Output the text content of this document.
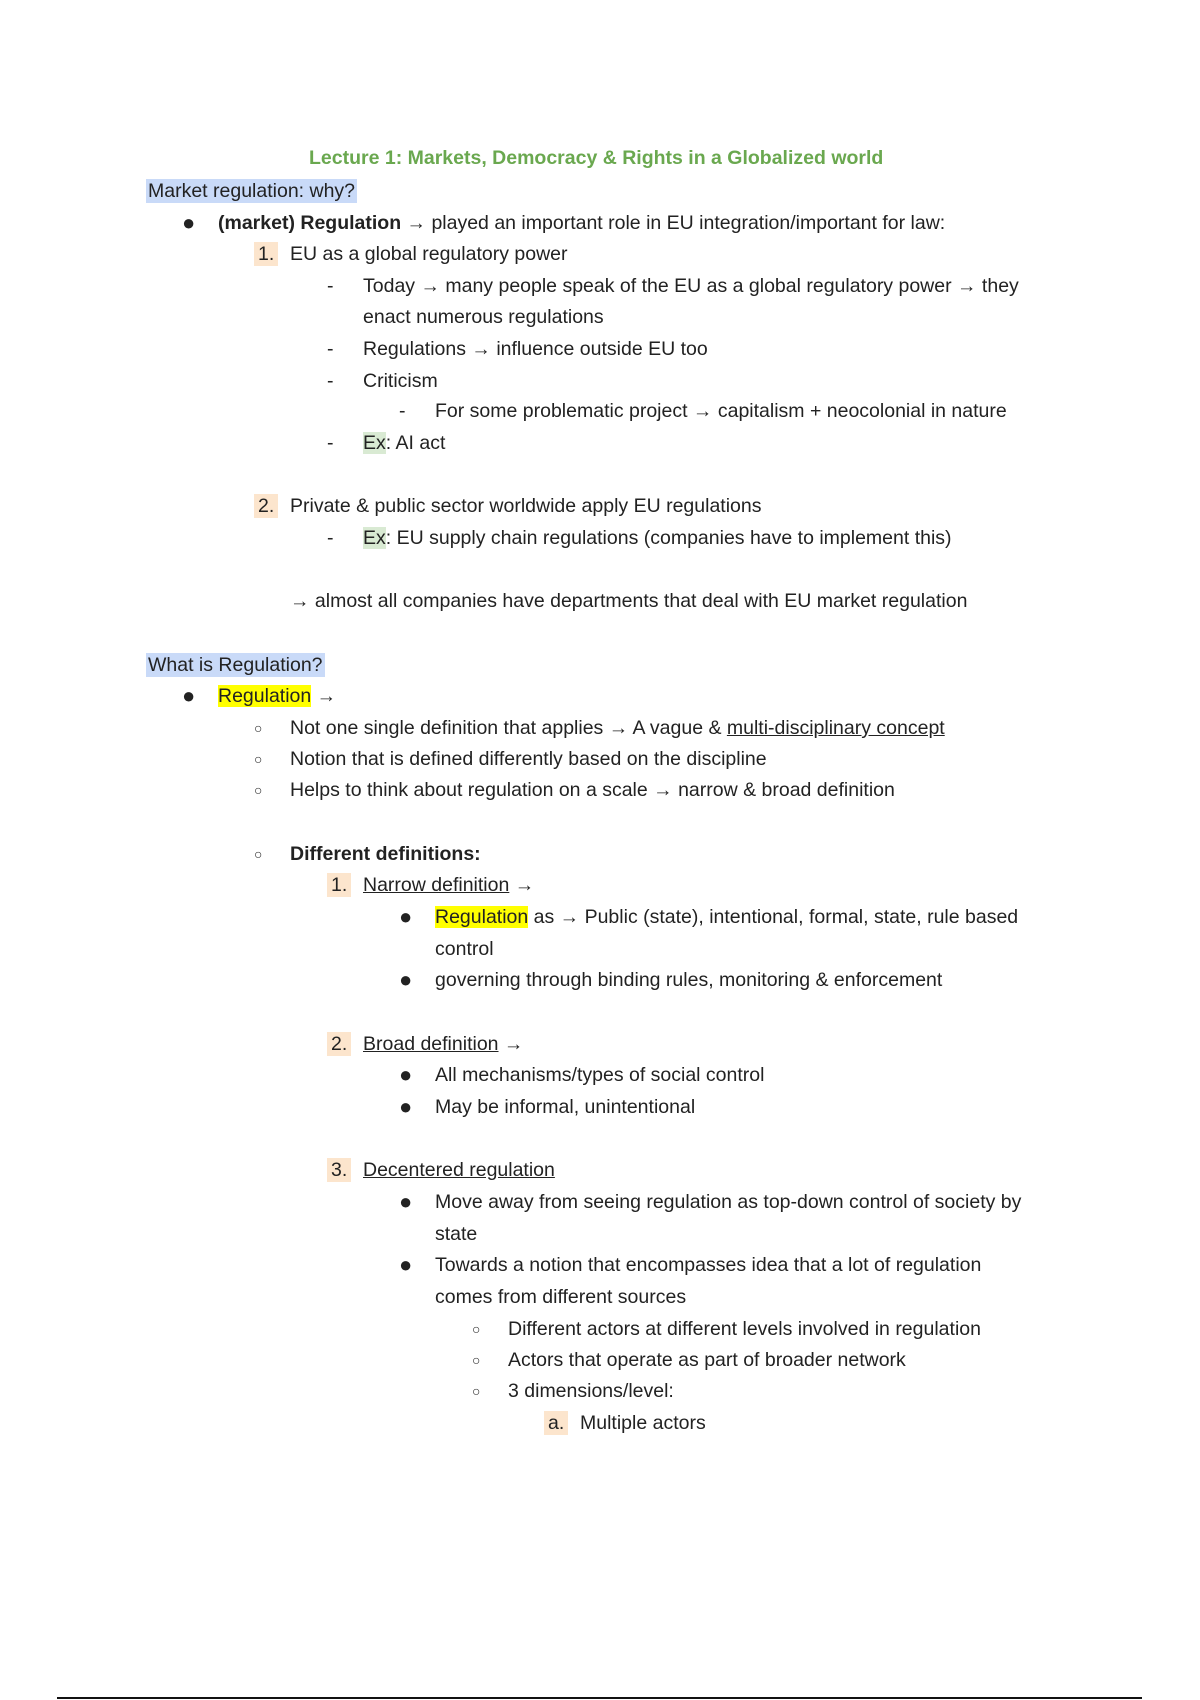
Lecture 1: Markets, Democracy & Rights in a Globalized world
Market regulation: why?
● (market) Regulation → played an important role in EU integration/important for law:
1. EU as a global regulatory power
- Today → many people speak of the EU as a global regulatory power → they
enact numerous regulations
- Regulations → influence outside EU too
- Criticism
- For some problematic project → capitalism + neocolonial in nature
- Ex: AI act
2. Private & public sector worldwide apply EU regulations
- Ex: EU supply chain regulations (companies have to implement this)
→ almost all companies have departments that deal with EU market regulation
What is Regulation?
● Regulation →
○ Not one single definition that applies → A vague & multi-disciplinary concept
○ Notion that is defined differently based on the discipline
○ Helps to think about regulation on a scale → narrow & broad definition
○ Different definitions:
1. Narrow definition →
● Regulation as → Public (state), intentional, formal, state, rule based
control
● governing through binding rules, monitoring & enforcement
2. Broad definition →
● All mechanisms/types of social control
● May be informal, unintentional
3. Decentered regulation
● Move away from seeing regulation as top-down control of society by
state
● Towards a notion that encompasses idea that a lot of regulation
comes from different sources
○ Different actors at different levels involved in regulation
○ Actors that operate as part of broader network
○ 3 dimensions/level:
a. Multiple actors
